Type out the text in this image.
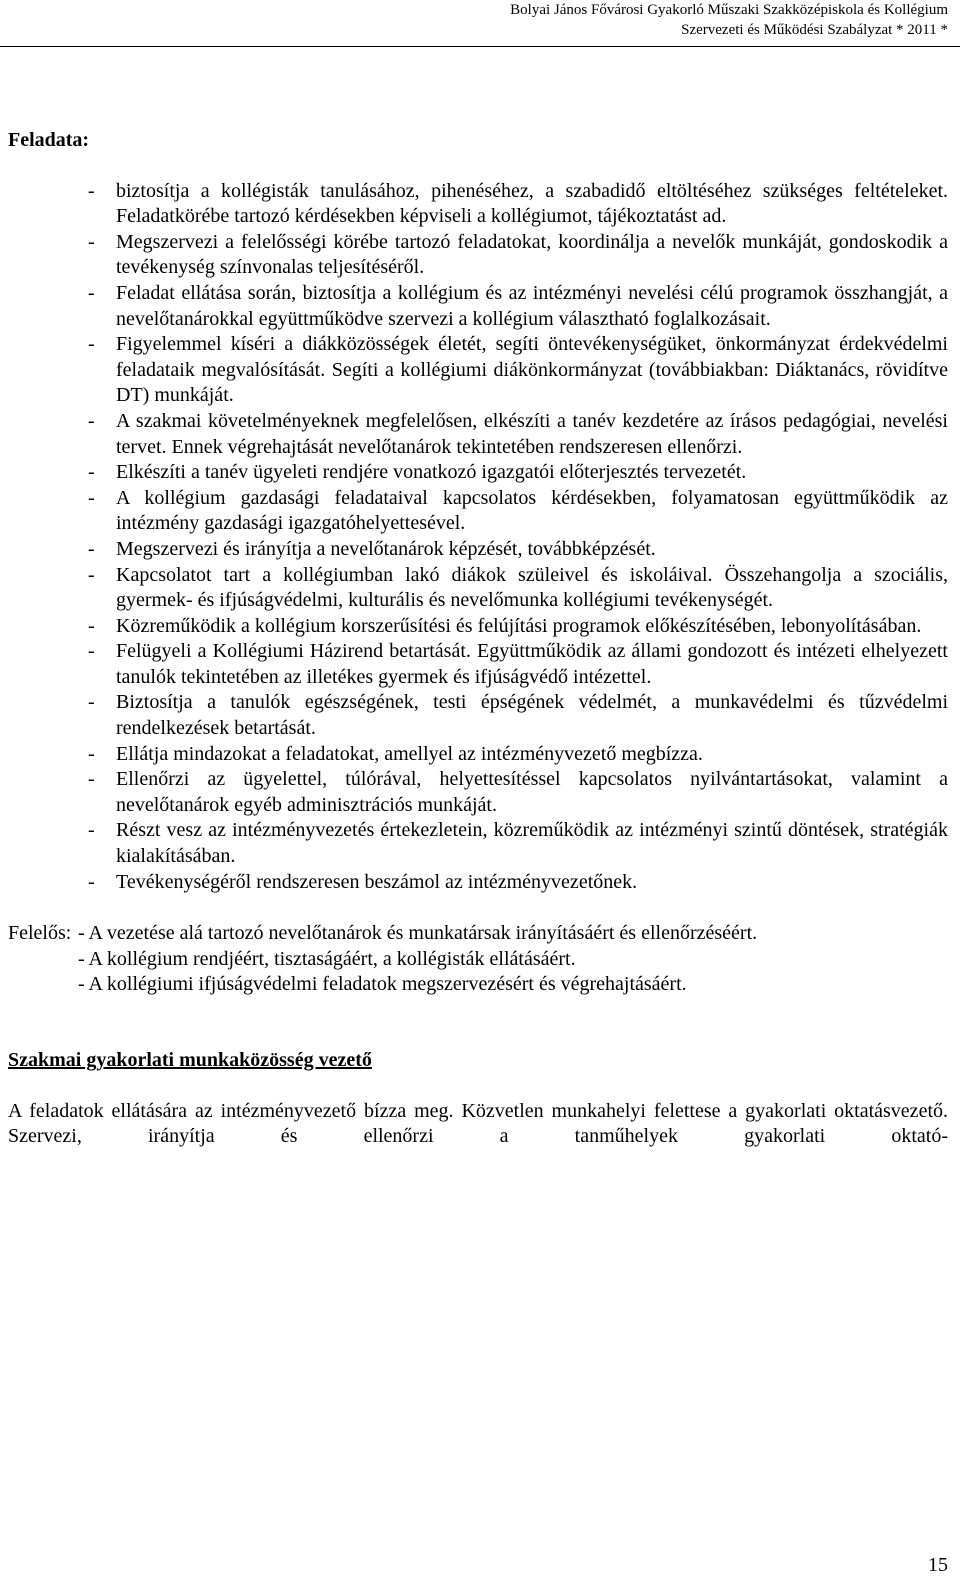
Bolyai János Fővárosi Gyakorló Műszaki Szakközépiskola és Kollégium
Szervezeti és Működési Szabályzat * 2011 *
Feladata:
- biztosítja a kollégisták tanulásához, pihenéséhez, a szabadidő eltöltéséhez szükséges feltételeket. Feladatkörébe tartozó kérdésekben képviseli a kollégiumot, tájékoztatást ad.
- Megszervezi a felelősségi körébe tartozó feladatokat, koordinálja a nevelők munkáját, gondoskodik a tevékenység színvonalas teljesítéséről.
- Feladat ellátása során, biztosítja a kollégium és az intézményi nevelési célú programok összhangját, a nevelőtanárokkal együttműködve szervezi a kollégium választható foglalkozásait.
- Figyelemmel kíséri a diákközösségek életét, segíti öntevékenységüket, önkormányzat érdekvédelmi feladataik megvalósítását. Segíti a kollégiumi diákönkormányzat (továbbiakban: Diáktanács, rövidítve DT) munkáját.
- A szakmai követelményeknek megfelelősen, elkészíti a tanév kezdetére az írásos pedagógiai, nevelési tervet. Ennek végrehajtását nevelőtanárok tekintetében rendszeresen ellenőrzi.
- Elkészíti a tanév ügyeleti rendjére vonatkozó igazgatói előterjesztés tervezetét.
- A kollégium gazdasági feladataival kapcsolatos kérdésekben, folyamatosan együttműködik az intézmény gazdasági igazgatóhelyettesével.
- Megszervezi és irányítja a nevelőtanárok képzését, továbbképzését.
- Kapcsolatot tart a kollégiumban lakó diákok szüleivel és iskoláival. Összehangolja a szociális, gyermek- és ifjúságvédelmi, kulturális és nevelőmunka kollégiumi tevékenységét.
- Közreműködik a kollégium korszerűsítési és felújítási programok előkészítésében, lebonyolításában.
- Felügyeli a Kollégiumi Házirend betartását. Együttműködik az állami gondozott és intézeti elhelyezett tanulók tekintetében az illetékes gyermek és ifjúságvédő intézettel.
- Biztosítja a tanulók egészségének, testi épségének védelmét, a munkavédelmi és tűzvédelmi rendelkezések betartását.
- Ellátja mindazokat a feladatokat, amellyel az intézményvezető megbízza.
- Ellenőrzi az ügyelettel, túlórával, helyettesítéssel kapcsolatos nyilvántartásokat, valamint a nevelőtanárok egyéb adminisztrációs munkáját.
- Részt vesz az intézményvezetés értekezletein, közreműködik az intézményi szintű döntések, stratégiák kialakításában.
- Tevékenységéről rendszeresen beszámol az intézményvezetőnek.
Felelős: - A vezetése alá tartozó nevelőtanárok és munkatársak irányításáért és ellenőrzéséért.
- A kollégium rendjéért, tisztaságáért, a kollégisták ellátásáért.
- A kollégiumi ifjúságvédelmi feladatok megszervezésért és végrehajtásáért.
Szakmai gyakorlati munkaközösség vezető
A feladatok ellátására az intézményvezető bízza meg. Közvetlen munkahelyi felettese a gyakorlati oktatásvezető. Szervezi, irányítja és ellenőrzi a tanműhelyek gyakorlati oktató-
15
